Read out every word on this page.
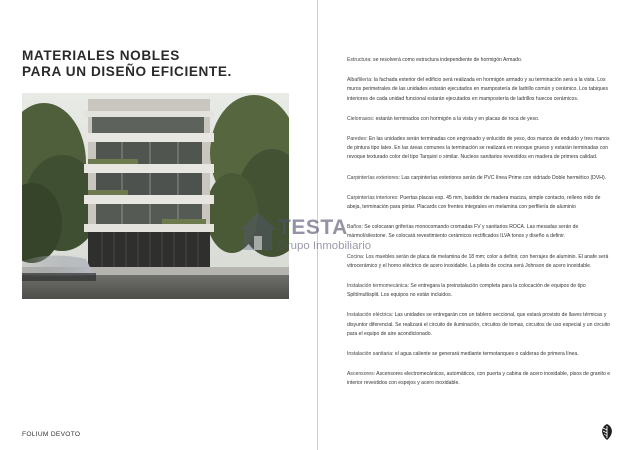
MATERIALES NOBLES
PARA UN DISEÑO EFICIENTE.
TESTA
Grupo Inmobiliario

Estructura: se resolverá como estructura independiente de hormigón Armado.

Albañilería: la fachada exterior del edificio será realizada en hormigón armado y su terminación será a la vista. Los muros perimetrales de las unidades estarán ejecutados en mampostería de ladrillo común y cerámico. Los tabiques interiores de cada unidad funcional estarán ejecutados en mampostería de ladrillos huecos cerámicos.

Cielorrasos: estarán terminados con hormigón a la vista y en placas de roca de yeso.

Paredes: En las unidades serán terminadas con engrosado y enlucido de yeso, dos manos de enduido y tres manos de pintura tipo latex. En las áreas comunes la terminación se realizará en revoque grueso y estarán terminadas con revoque texturado color del tipo Tarquini o similar. Nucleos sanitarios revestidos en madera de primera calidad.

Carpinterías exteriores: Las carpinterías exteriores serán de PVC línea Prime con vidriado Doble hermético (DVH).

Carpinterías interiores: Puertas placas esp. 45 mm, bastidor de madera maciza, simple contacto, relleno nido de abeja, terminación para pintar. Placards con frentes integrales en melamina con perfilería de aluminio

Baños: Se colocaran griferías monocomando cromadas FV y sanitarios ROCA. Las mesadas serán de mármol/silestone. Se colocará revestimiento cerámicos rectificados ILVA tonos y diseño a definir.

Cocina: Los muebles serán de placa de melamina de 18 mm; color a definir, con herrajes de aluminio. El anafe será vitrocerámico y el horno eléctrico de acero inoxidable. La pileta de cocina será Johnson de acero inoxidable.

Instalación termomecánica: Se entregara la preinstalación completa para la colocación de equipos de tipo Split/multisplit. Los equipos no están incluidos.

Instalación eléctrica: Las unidades se entregarán con un tablero seccional, que estará provisto de llaves térmicas y disyuntor diferencial. Se realizará el circuito de iluminación, circuitos de tomas, circuitos de uso especial y un circuito para el equipo de aire acondicionado.

Instalación sanitaria: el agua caliente se generará mediante termotanques o calderas de primera línea.

Ascensores: Ascensores electromecánicos, automáticos, con puerta y cabina de acero inoxidable, pisos de granito e interior revestidos con espejos y acero inoxidable.

FOLIUM DEVOTO
